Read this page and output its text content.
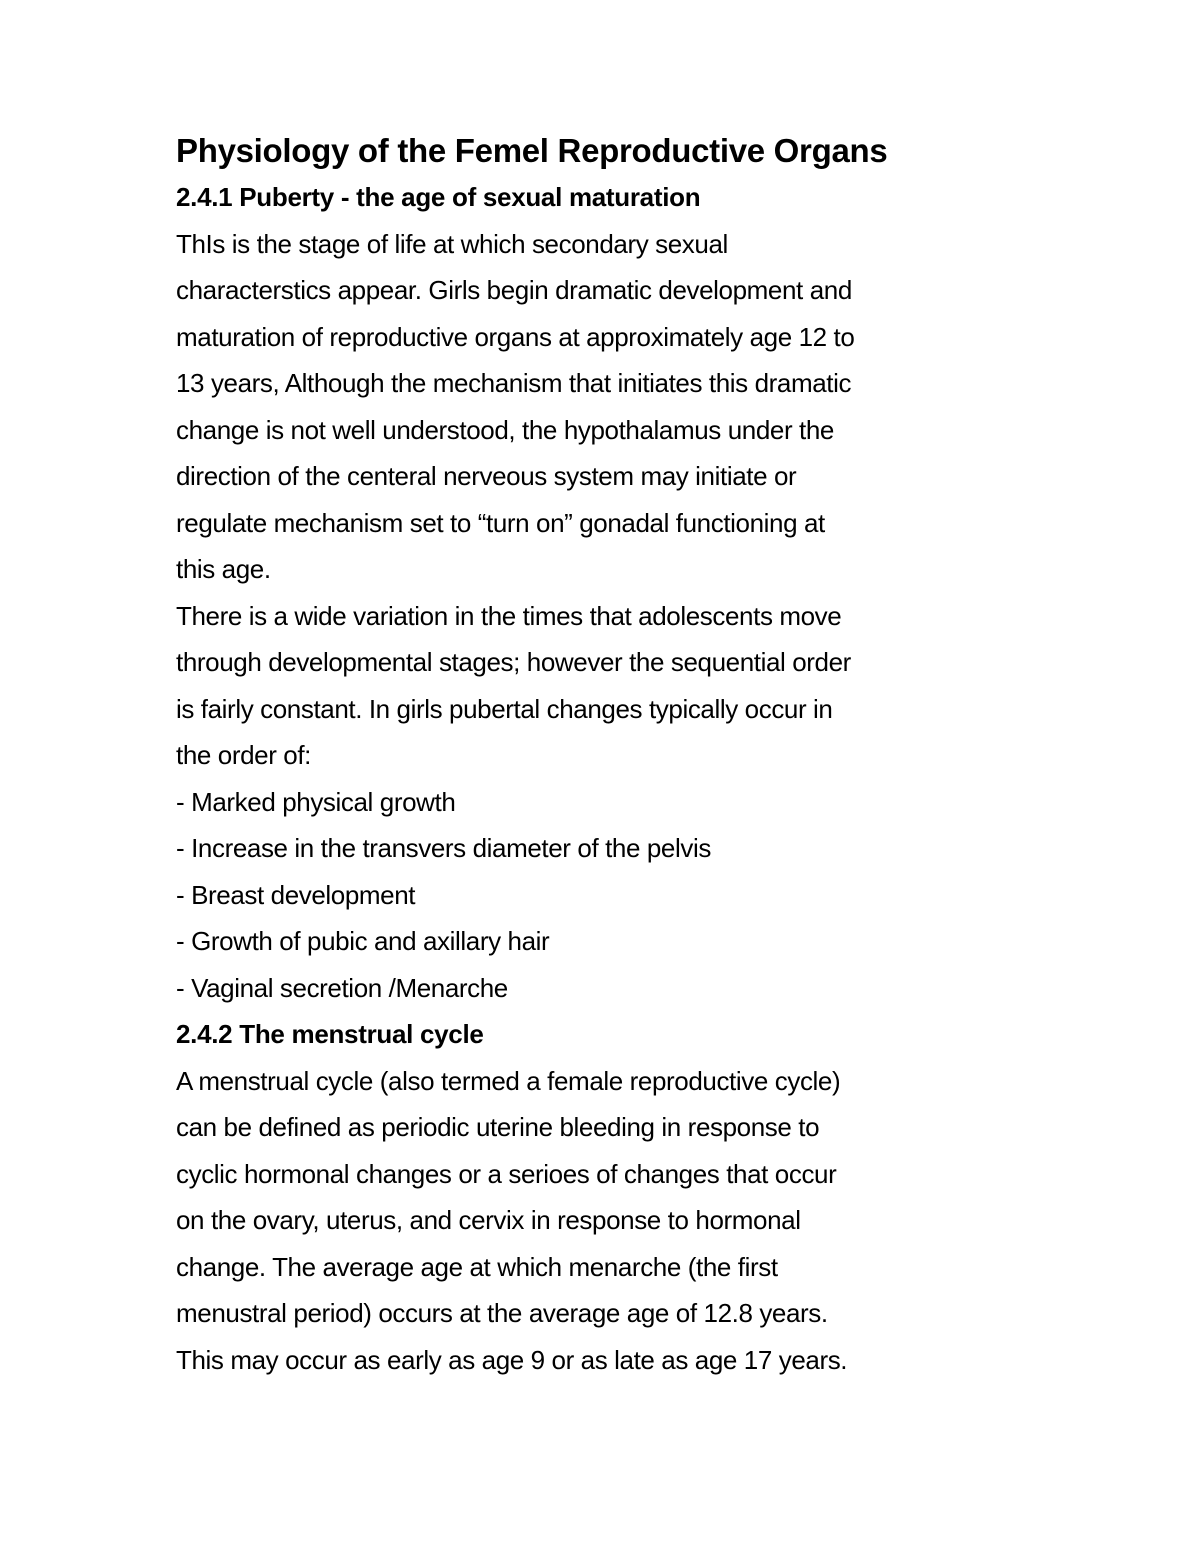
Physiology of the Femel Reproductive Organs
2.4.1 Puberty - the age of sexual maturation

ThIs is the stage of life at which secondary sexual

characterstics appear. Girls begin dramatic development and

maturation of reproductive organs at approximately age 12 to

13 years, Although the mechanism that initiates this dramatic

change is not well understood, the hypothalamus under the

direction of the centeral nerveous system may initiate or

regulate mechanism set to “turn on” gonadal functioning at

this age.

There is a wide variation in the times that adolescents move

through developmental stages; however the sequential order

is fairly constant. In girls pubertal changes typically occur in

the order of:

- Marked physical growth

- Increase in the transvers diameter of the pelvis

- Breast development

- Growth of pubic and axillary hair

- Vaginal secretion /Menarche

2.4.2 The menstrual cycle

A menstrual cycle (also termed a female reproductive cycle)

can be defined as periodic uterine bleeding in response to

cyclic hormonal changes or a serioes of changes that occur

on the ovary, uterus, and cervix in response to hormonal

change. The average age at which menarche (the first

menustral period) occurs at the average age of 12.8 years.

This may occur as early as age 9 or as late as age 17 years.
